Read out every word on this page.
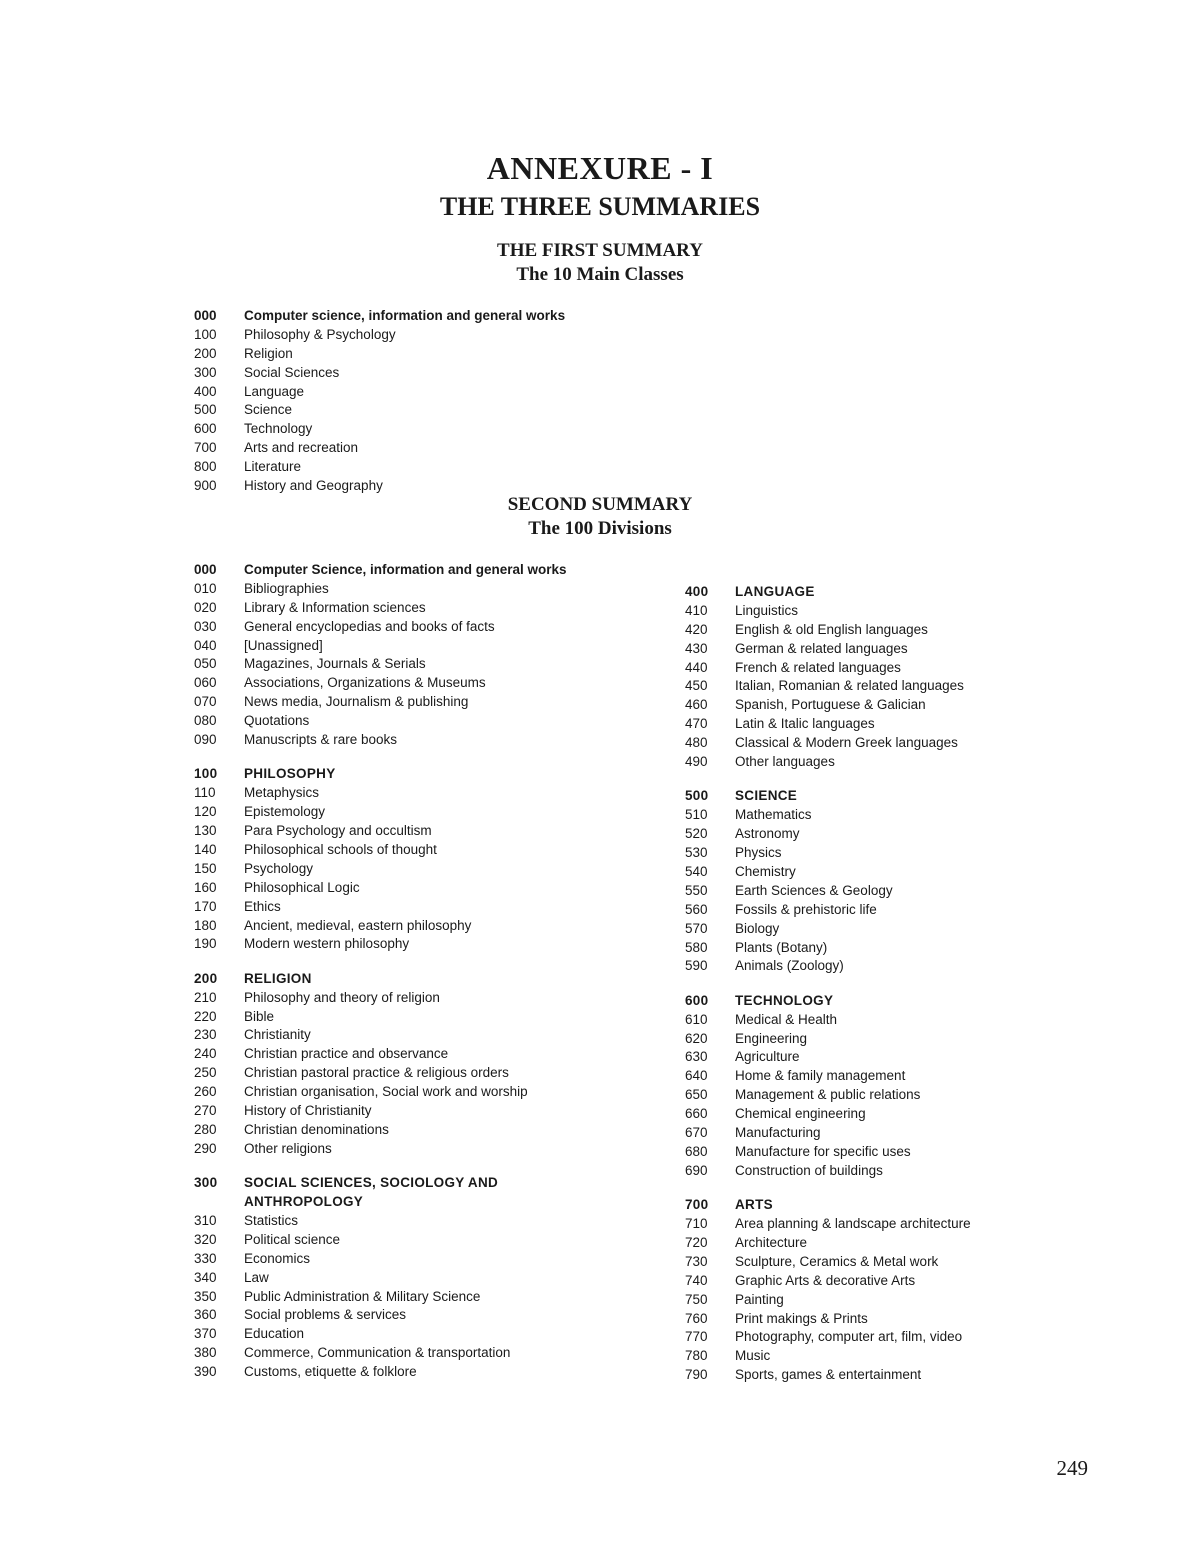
ANNEXURE - I
THE THREE SUMMARIES
THE FIRST SUMMARY
The 10 Main Classes
000 Computer science, information and general works
100 Philosophy & Psychology
200 Religion
300 Social Sciences
400 Language
500 Science
600 Technology
700 Arts and recreation
800 Literature
900 History and Geography
SECOND SUMMARY
The 100 Divisions
000 Computer Science, information and general works
010 Bibliographies
020 Library & Information sciences
030 General encyclopedias and books of facts
040 [Unassigned]
050 Magazines, Journals & Serials
060 Associations, Organizations & Museums
070 News media, Journalism & publishing
080 Quotations
090 Manuscripts & rare books
100 PHILOSOPHY
110 Metaphysics
120 Epistemology
130 Para Psychology and occultism
140 Philosophical schools of thought
150 Psychology
160 Philosophical Logic
170 Ethics
180 Ancient, medieval, eastern philosophy
190 Modern western philosophy
200 RELIGION
210 Philosophy and theory of religion
220 Bible
230 Christianity
240 Christian practice and observance
250 Christian pastoral practice & religious orders
260 Christian organisation, Social work and worship
270 History of Christianity
280 Christian denominations
290 Other religions
300 SOCIAL SCIENCES, SOCIOLOGY AND
ANTHROPOLOGY
310 Statistics
320 Political science
330 Economics
340 Law
350 Public Administration & Military Science
360 Social problems & services
370 Education
380 Commerce, Communication & transportation
390 Customs, etiquette & folklore
400 LANGUAGE
410 Linguistics
420 English & old English languages
430 German & related languages
440 French & related languages
450 Italian, Romanian & related languages
460 Spanish, Portuguese & Galician
470 Latin & Italic languages
480 Classical & Modern Greek languages
490 Other languages
500 SCIENCE
510 Mathematics
520 Astronomy
530 Physics
540 Chemistry
550 Earth Sciences & Geology
560 Fossils & prehistoric life
570 Biology
580 Plants (Botany)
590 Animals (Zoology)
600 TECHNOLOGY
610 Medical & Health
620 Engineering
630 Agriculture
640 Home & family management
650 Management & public relations
660 Chemical engineering
670 Manufacturing
680 Manufacture for specific uses
690 Construction of buildings
700 ARTS
710 Area planning & landscape architecture
720 Architecture
730 Sculpture, Ceramics & Metal work
740 Graphic Arts & decorative Arts
750 Painting
760 Print makings & Prints
770 Photography, computer art, film, video
780 Music
790 Sports, games & entertainment
249
